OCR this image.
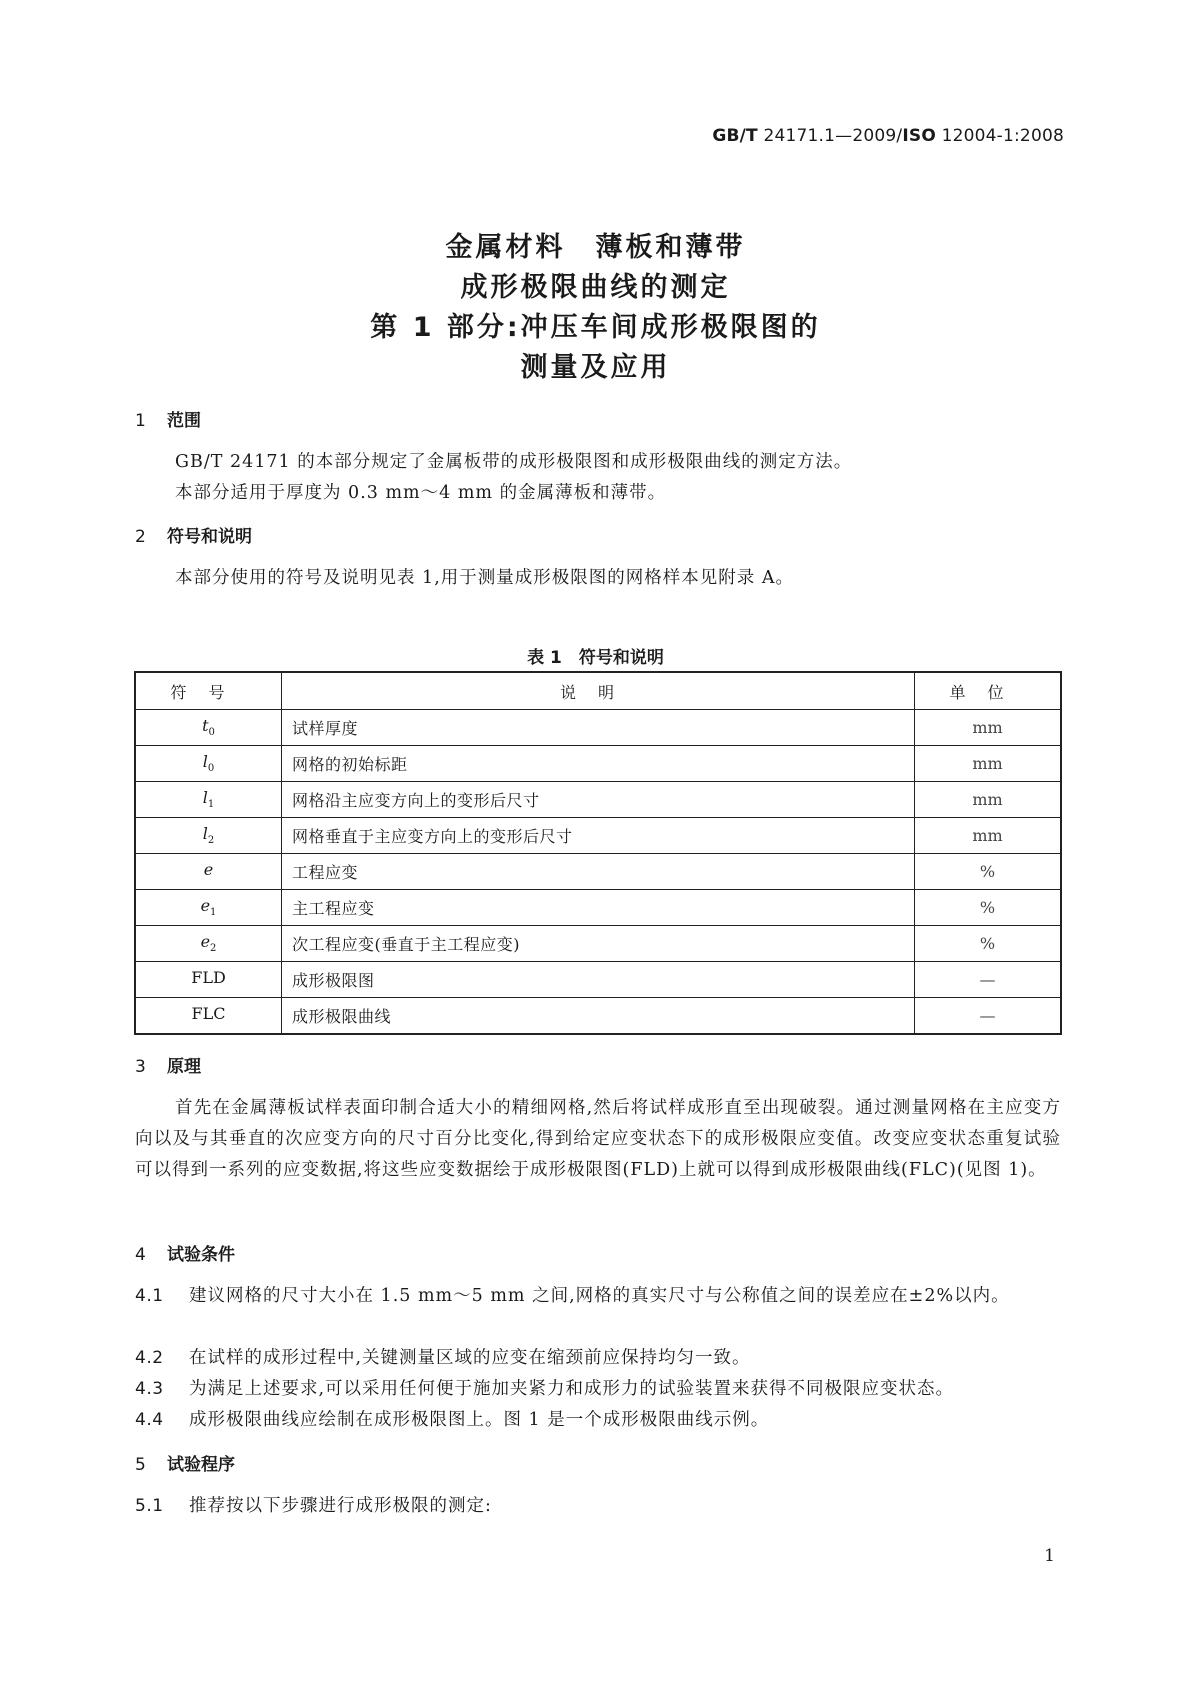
GB/T 24171.1—2009/ISO 12004-1:2008
金属材料　薄板和薄带
成形极限曲线的测定
第 1 部分:冲压车间成形极限图的
测量及应用
1 范围
GB/T 24171 的本部分规定了金属板带的成形极限图和成形极限曲线的测定方法。
本部分适用于厚度为 0.3 mm～4 mm 的金属薄板和薄带。
2 符号和说明
本部分使用的符号及说明见表 1,用于测量成形极限图的网格样本见附录 A。
表 1　符号和说明
符号	说明	单位
$t_0$	试样厚度	mm
$l_0$	网格的初始标距	mm
$l_1$	网格沿主应变方向上的变形后尺寸	mm
$l_2$	网格垂直于主应变方向上的变形后尺寸	mm
e	工程应变	%
$e_1$	主工程应变	%
$e_2$	次工程应变(垂直于主工程应变)	%
FLD	成形极限图	—
FLC	成形极限曲线	—
3 原理
首先在金属薄板试样表面印制合适大小的精细网格,然后将试样成形直至出现破裂。通过测量网格在主应变方向以及与其垂直的次应变方向的尺寸百分比变化,得到给定应变状态下的成形极限应变值。改变应变状态重复试验可以得到一系列的应变数据,将这些应变数据绘于成形极限图(FLD)上就可以得到成形极限曲线(FLC)(见图 1)。
4 试验条件
4.1 建议网格的尺寸大小在 1.5 mm～5 mm 之间,网格的真实尺寸与公称值之间的误差应在±2%以内。
4.2 在试样的成形过程中,关键测量区域的应变在缩颈前应保持均匀一致。
4.3 为满足上述要求,可以采用任何便于施加夹紧力和成形力的试验装置来获得不同极限应变状态。
4.4 成形极限曲线应绘制在成形极限图上。图 1 是一个成形极限曲线示例。
5 试验程序
5.1 推荐按以下步骤进行成形极限的测定:
1
